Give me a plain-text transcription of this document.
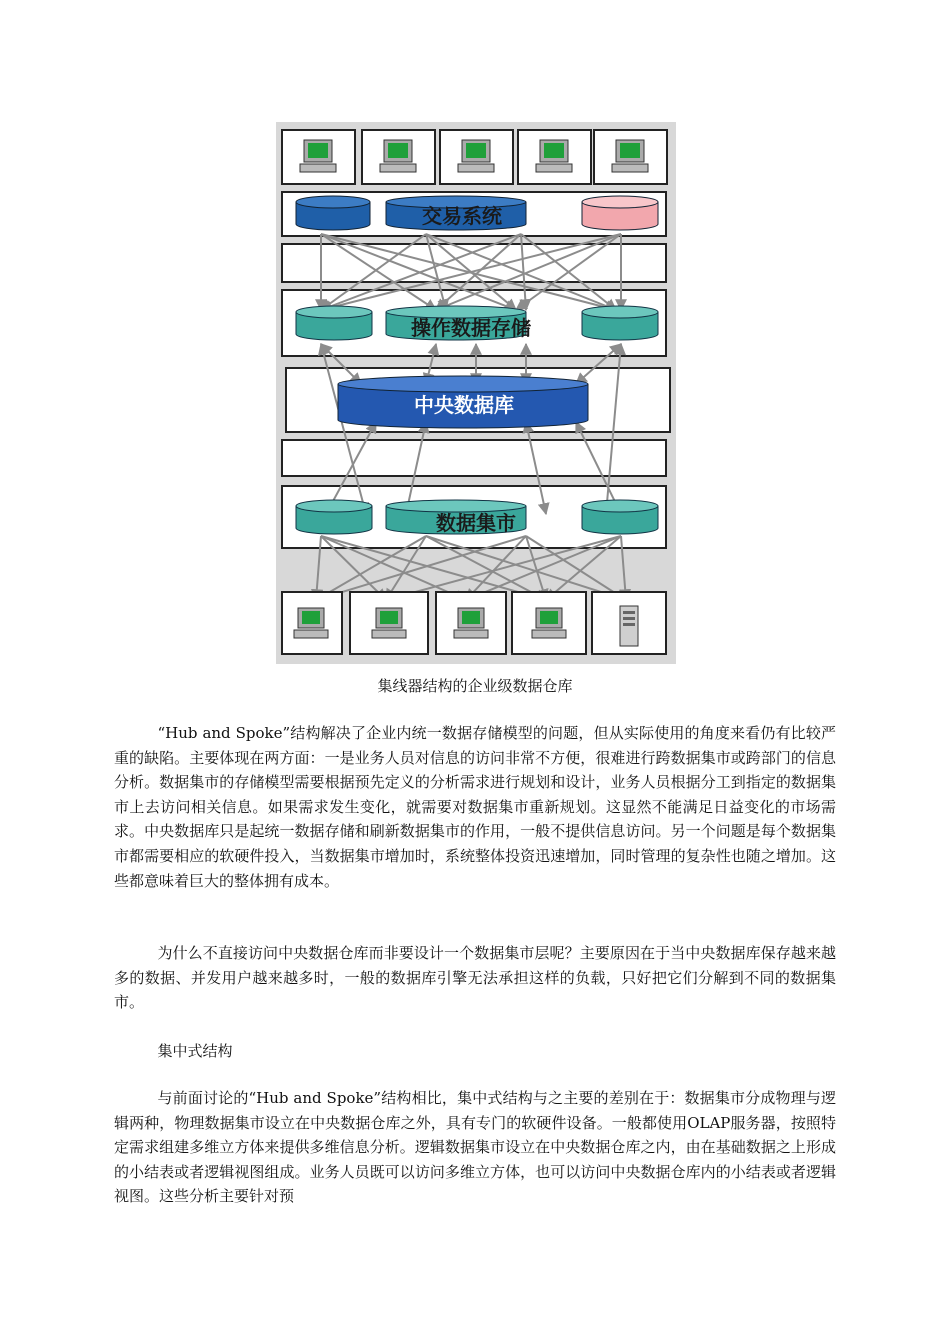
交易系统
操作数据存储
中央数据库
数据集市
集线器结构的企业级数据仓库

“Hub and Spoke”结构解决了企业内统一数据存储模型的问题，但从实际使用的角度来看仍有比较严重的缺陷。主要体现在两方面：一是业务人员对信息的访问非常不方便，很难进行跨数据集市或跨部门的信息分析。数据集市的存储模型需要根据预先定义的分析需求进行规划和设计，业务人员根据分工到指定的数据集市上去访问相关信息。如果需求发生变化，就需要对数据集市重新规划。这显然不能满足日益变化的市场需求。中央数据库只是起统一数据存储和刷新数据集市的作用，一般不提供信息访问。另一个问题是每个数据集市都需要相应的软硬件投入，当数据集市增加时，系统整体投资迅速增加，同时管理的复杂性也随之增加。这些都意味着巨大的整体拥有成本。

为什么不直接访问中央数据仓库而非要设计一个数据集市层呢？主要原因在于当中央数据库保存越来越多的数据、并发用户越来越多时，一般的数据库引擎无法承担这样的负载，只好把它们分解到不同的数据集市。

集中式结构

与前面讨论的“Hub and Spoke”结构相比，集中式结构与之主要的差别在于：数据集市分成物理与逻辑两种，物理数据集市设立在中央数据仓库之外，具有专门的软硬件设备。一般都使用OLAP服务器，按照特定需求组建多维立方体来提供多维信息分析。逻辑数据集市设立在中央数据仓库之内，由在基础数据之上形成的小结表或者逻辑视图组成。业务人员既可以访问多维立方体，也可以访问中央数据仓库内的小结表或者逻辑视图。这些分析主要针对预
